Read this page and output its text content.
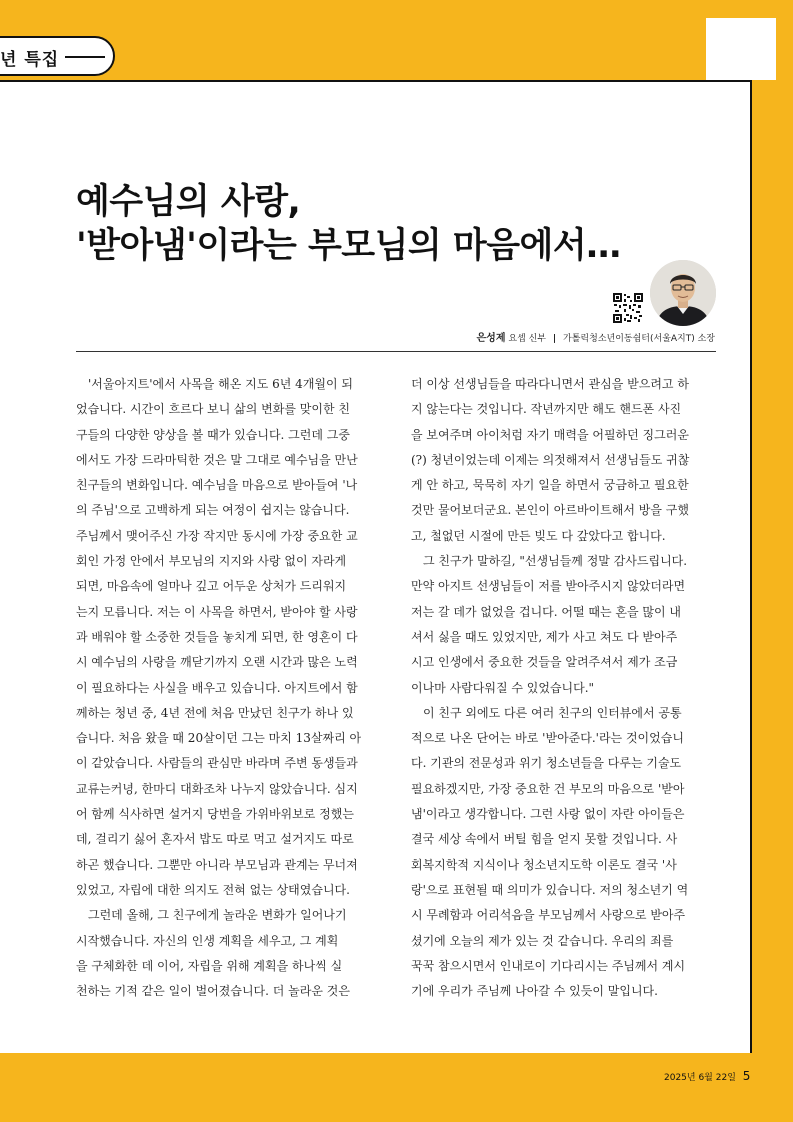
년 특집
예수님의 사랑,
'받아냄'이라는 부모님의 마음에서…
은성제 요셉 신부 | 가톨릭청소년이동쉼터(서울A지T) 소장

'서울아지트'에서 사목을 해온 지도 6년 4개월이 되

었습니다. 시간이 흐르다 보니 삶의 변화를 맞이한 친

구들의 다양한 양상을 볼 때가 있습니다. 그런데 그중

에서도 가장 드라마틱한 것은 말 그대로 예수님을 만난

친구들의 변화입니다. 예수님을 마음으로 받아들여 '나

의 주님'으로 고백하게 되는 여정이 쉽지는 않습니다.

주님께서 맺어주신 가장 작지만 동시에 가장 중요한 교

회인 가정 안에서 부모님의 지지와 사랑 없이 자라게

되면, 마음속에 얼마나 깊고 어두운 상처가 드리워지

는지 모릅니다. 저는 이 사목을 하면서, 받아야 할 사랑

과 배워야 할 소중한 것들을 놓치게 되면, 한 영혼이 다

시 예수님의 사랑을 깨닫기까지 오랜 시간과 많은 노력

이 필요하다는 사실을 배우고 있습니다. 아지트에서 함

께하는 청년 중, 4년 전에 처음 만났던 친구가 하나 있

습니다. 처음 왔을 때 20살이던 그는 마치 13살짜리 아

이 같았습니다. 사람들의 관심만 바라며 주변 동생들과

교류는커녕, 한마디 대화조차 나누지 않았습니다. 심지

어 함께 식사하면 설거지 당번을 가위바위보로 정했는

데, 걸리기 싫어 혼자서 밥도 따로 먹고 설거지도 따로

하곤 했습니다. 그뿐만 아니라 부모님과 관계는 무너져

있었고, 자립에 대한 의지도 전혀 없는 상태였습니다.

그런데 올해, 그 친구에게 놀라운 변화가 일어나기

시작했습니다. 자신의 인생 계획을 세우고, 그 계획

을 구체화한 데 이어, 자립을 위해 계획을 하나씩 실

천하는 기적 같은 일이 벌어졌습니다. 더 놀라운 것은

더 이상 선생님들을 따라다니면서 관심을 받으려고 하

지 않는다는 것입니다. 작년까지만 해도 핸드폰 사진

을 보여주며 아이처럼 자기 매력을 어필하던 징그러운

(?) 청년이었는데 이제는 의젓해져서 선생님들도 귀찮

게 안 하고, 묵묵히 자기 일을 하면서 궁금하고 필요한

것만 물어보더군요. 본인이 아르바이트해서 방을 구했

고, 철없던 시절에 만든 빚도 다 갚았다고 합니다.

그 친구가 말하길, "선생님들께 정말 감사드립니다.

만약 아지트 선생님들이 저를 받아주시지 않았더라면

저는 갈 데가 없었을 겁니다. 어떨 때는 혼을 많이 내

셔서 싫을 때도 있었지만, 제가 사고 쳐도 다 받아주

시고 인생에서 중요한 것들을 알려주셔서 제가 조금

이나마 사람다워질 수 있었습니다."

이 친구 외에도 다른 여러 친구의 인터뷰에서 공통

적으로 나온 단어는 바로 '받아준다.'라는 것이었습니

다. 기관의 전문성과 위기 청소년들을 다루는 기술도

필요하겠지만, 가장 중요한 건 부모의 마음으로 '받아

냄'이라고 생각합니다. 그런 사랑 없이 자란 아이들은

결국 세상 속에서 버틸 힘을 얻지 못할 것입니다. 사

회복지학적 지식이나 청소년지도학 이론도 결국 '사

랑'으로 표현될 때 의미가 있습니다. 저의 청소년기 역

시 무례함과 어리석음을 부모님께서 사랑으로 받아주

셨기에 오늘의 제가 있는 것 같습니다. 우리의 죄를

꾹꾹 참으시면서 인내로이 기다리시는 주님께서 계시

기에 우리가 주님께 나아갈 수 있듯이 말입니다.

2025년 6월 22일 5
